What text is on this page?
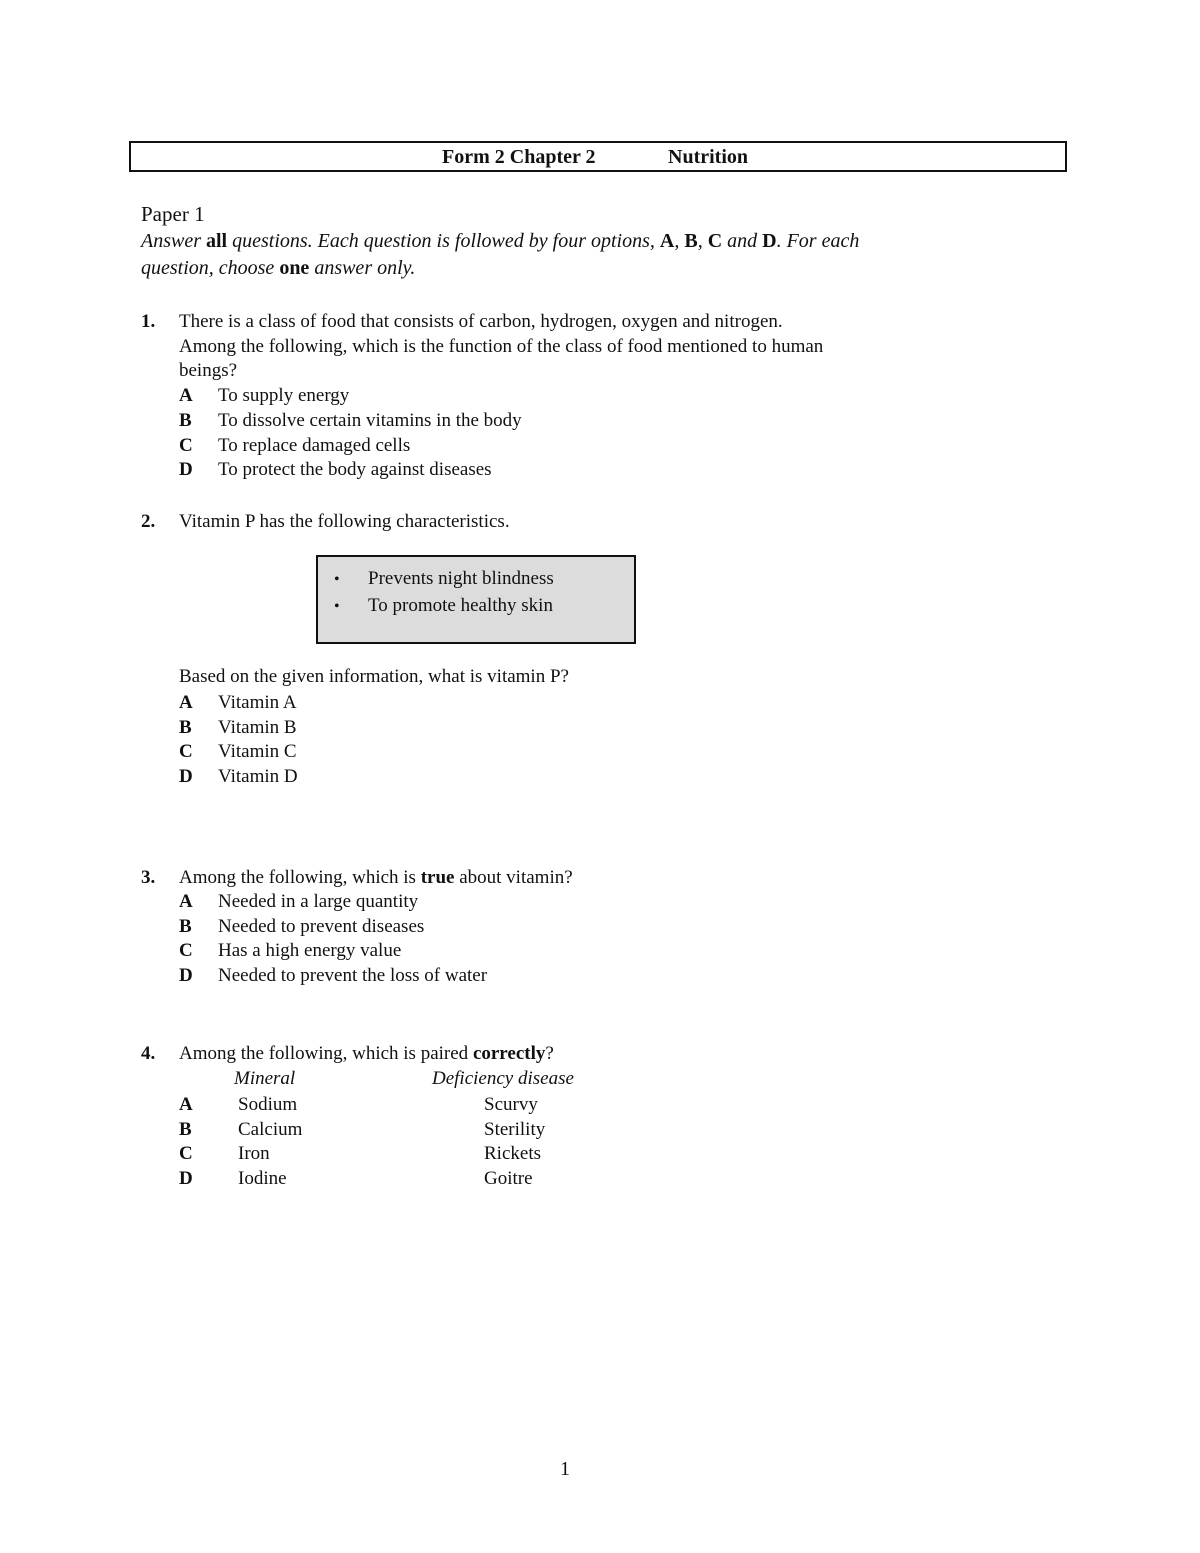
Form 2 Chapter 2	Nutrition
Paper 1
Answer all questions. Each question is followed by four options, A, B, C and D. For each
question, choose one answer only.
1. There is a class of food that consists of carbon, hydrogen, oxygen and nitrogen.
Among the following, which is the function of the class of food mentioned to human
beings?
A To supply energy
B To dissolve certain vitamins in the body
C To replace damaged cells
D To protect the body against diseases
2. Vitamin P has the following characteristics.
• Prevents night blindness
• To promote healthy skin
Based on the given information, what is vitamin P?
A Vitamin A
B Vitamin B
C Vitamin C
D Vitamin D
3. Among the following, which is true about vitamin?
A Needed in a large quantity
B Needed to prevent diseases
C Has a high energy value
D Needed to prevent the loss of water
4. Among the following, which is paired correctly?
Mineral	Deficiency disease
A Sodium	Scurvy
B Calcium	Sterility
C Iron	Rickets
D Iodine	Goitre
1
